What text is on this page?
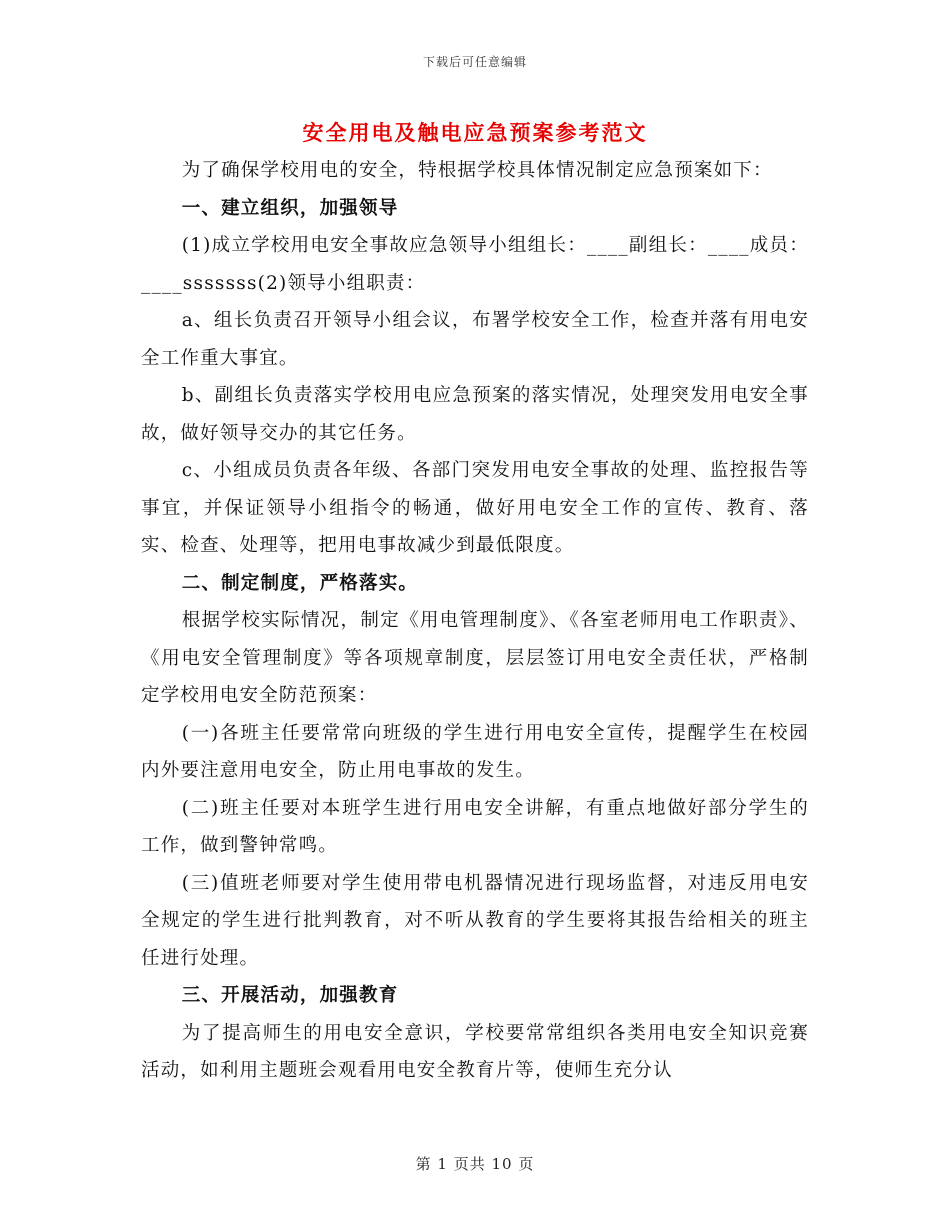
下载后可任意编辑
安全用电及触电应急预案参考范文

为了确保学校用电的安全，特根据学校具体情况制定应急预案如下：

一、建立组织，加强领导

(1)成立学校用电安全事故应急领导小组组长：____副组长：____成员：____sssssss(2)领导小组职责：

a、组长负责召开领导小组会议，布署学校安全工作，检查并落有用电安全工作重大事宜。

b、副组长负责落实学校用电应急预案的落实情况，处理突发用电安全事故，做好领导交办的其它任务。

c、小组成员负责各年级、各部门突发用电安全事故的处理、监控报告等事宜，并保证领导小组指令的畅通，做好用电安全工作的宣传、教育、落实、检查、处理等，把用电事故减少到最低限度。

二、制定制度，严格落实。

根据学校实际情况，制定《用电管理制度》、《各室老师用电工作职责》、《用电安全管理制度》等各项规章制度，层层签订用电安全责任状，严格制定学校用电安全防范预案：

(一)各班主任要常常向班级的学生进行用电安全宣传，提醒学生在校园内外要注意用电安全，防止用电事故的发生。

(二)班主任要对本班学生进行用电安全讲解，有重点地做好部分学生的工作，做到警钟常鸣。

(三)值班老师要对学生使用带电机器情况进行现场监督，对违反用电安全规定的学生进行批判教育，对不听从教育的学生要将其报告给相关的班主任进行处理。

三、开展活动，加强教育

为了提高师生的用电安全意识，学校要常常组织各类用电安全知识竞赛活动，如利用主题班会观看用电安全教育片等，使师生充分认

第 1 页共 10 页
